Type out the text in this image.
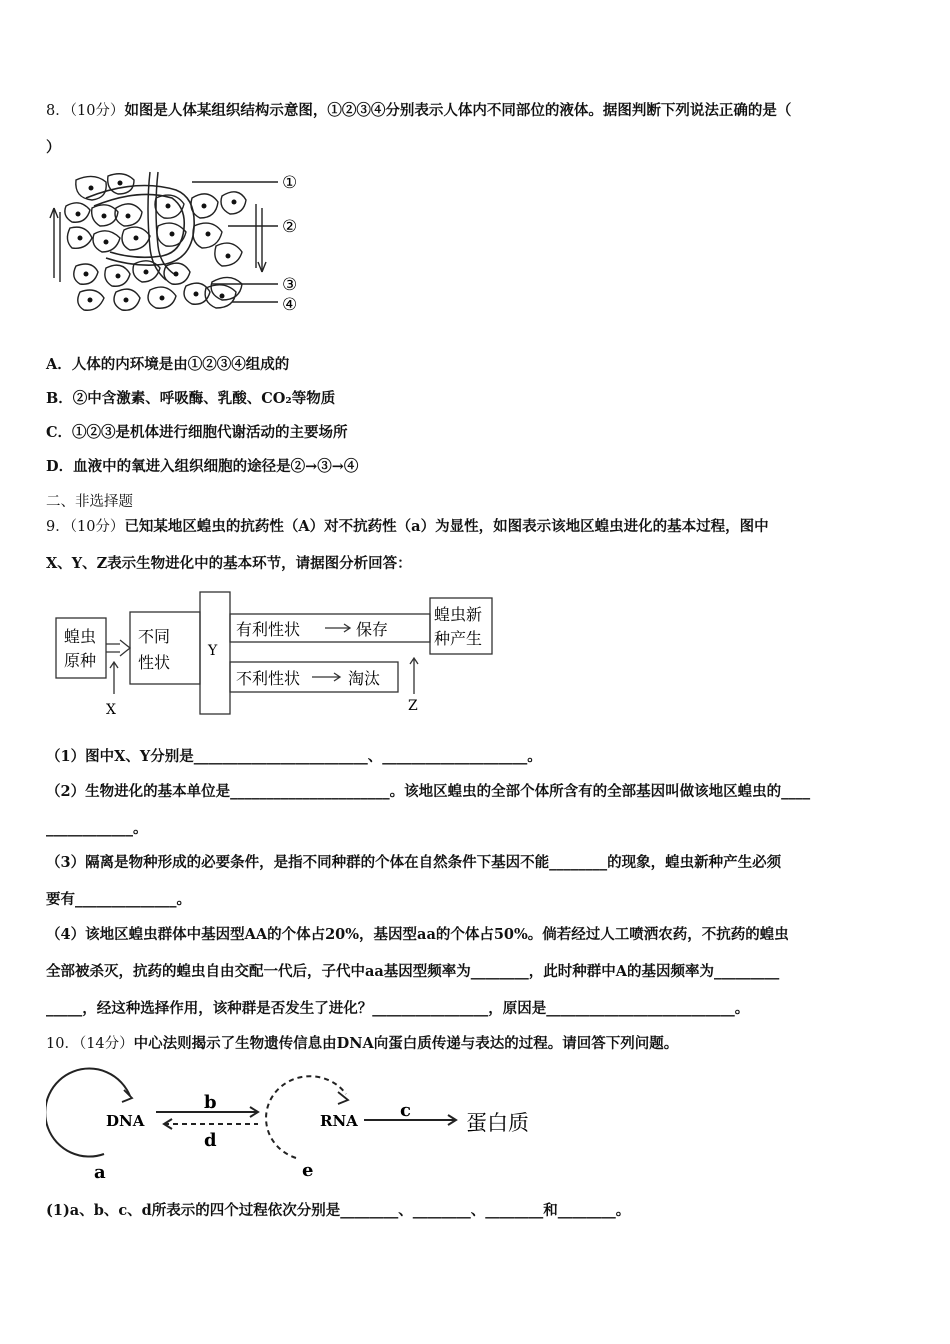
8．（10分）如图是人体某组织结构示意图，①②③④分别表示人体内不同部位的液体。据图判断下列说法正确的是（
）
①
②
③
④
A．人体的内环境是由①②③④组成的
B．②中含激素、呼吸酶、乳酸、CO₂等物质
C．①②③是机体进行细胞代谢活动的主要场所
D．血液中的氧进入组织细胞的途径是②→③→④
二、非选择题
9．（10分）已知某地区蝗虫的抗药性（A）对不抗药性（a）为显性，如图表示该地区蝗虫进化的基本过程，图中
X、Y、Z表示生物进化中的基本环节，请据图分析回答：
蝗虫
原种
不同
性状
Y
有利性状	保存
不利性状	淘汰
蝗虫新
种产生
X	Z
（1）图中X、Y分别是________________________、____________________。
（2）生物进化的基本单位是______________________。该地区蝗虫的全部个体所含有的全部基因叫做该地区蝗虫的____
____________。
（3）隔离是物种形成的必要条件，是指不同种群的个体在自然条件下基因不能________的现象，蝗虫新种产生必须
要有______________。
（4）该地区蝗虫群体中基因型AA的个体占20%，基因型aa的个体占50%。倘若经过人工喷洒农药，不抗药的蝗虫
全部被杀灭，抗药的蝗虫自由交配一代后，子代中aa基因型频率为________，此时种群中A的基因频率为_________
_____，经这种选择作用，该种群是否发生了进化？________________，原因是__________________________。
10．（14分）中心法则揭示了生物遗传信息由DNA向蛋白质传递与表达的过程。请回答下列问题。
DNA	RNA	蛋白质
a
b	c
d
e
(1)a、b、c、d所表示的四个过程依次分别是________、________、________和________。
